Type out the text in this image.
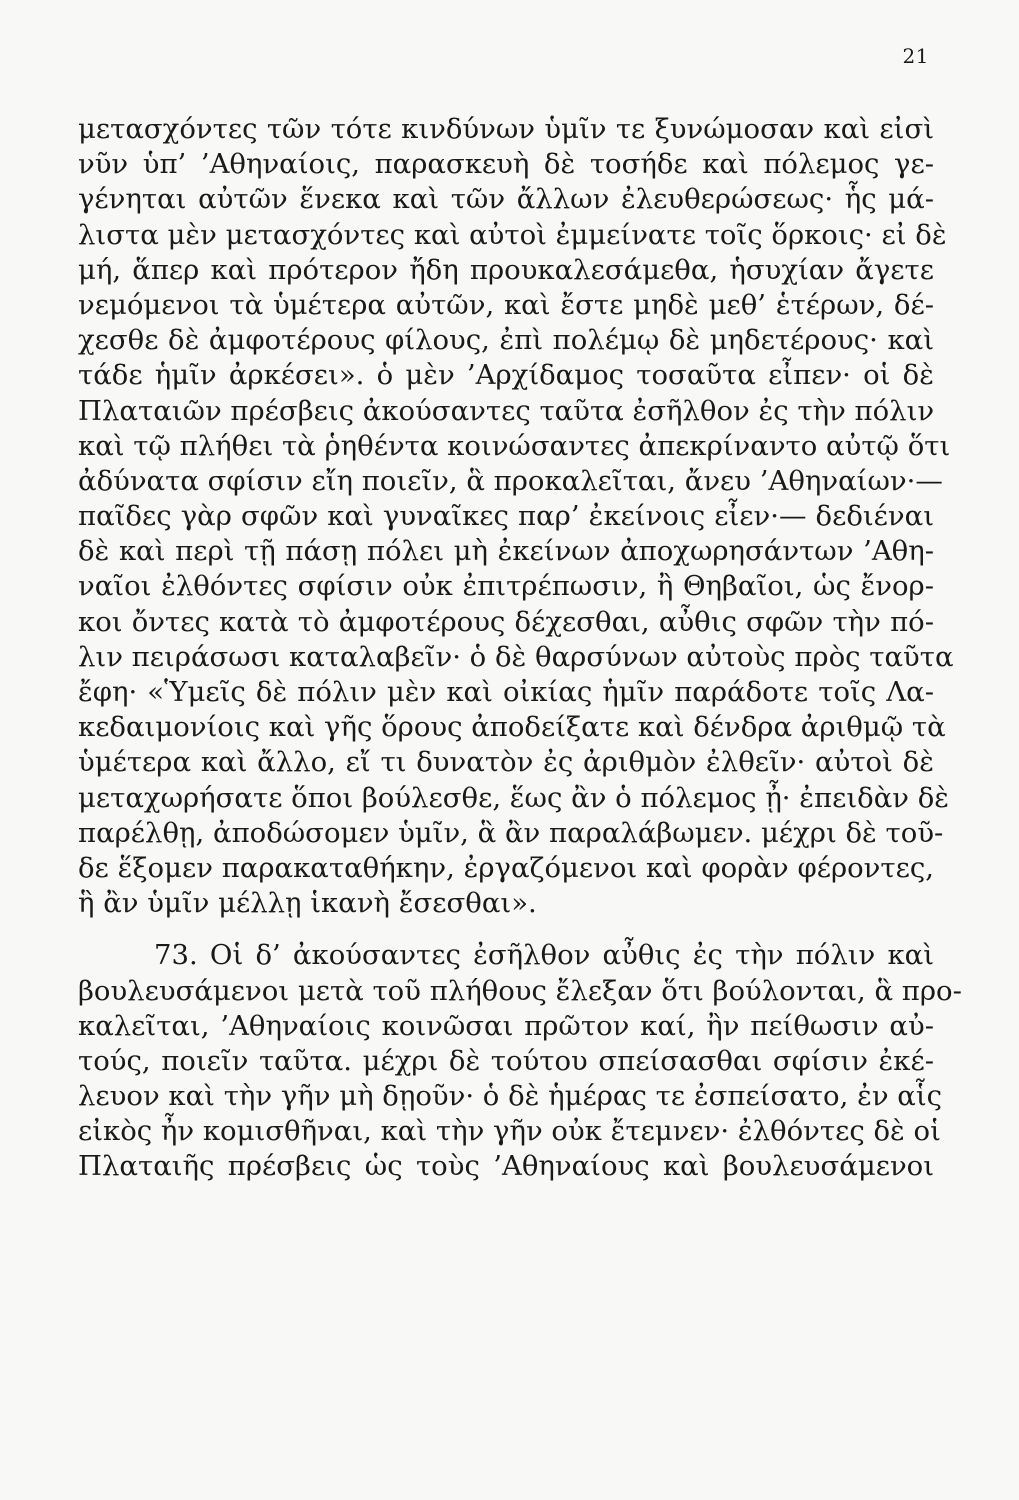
21
μετασχόντες τῶν τότε κινδύνων ὑμῖν τε ξυνώμοσαν καὶ εἰσὶ
νῦν ὑπ’ ’Αθηναίοις, παρασκευὴ δὲ τοσήδε καὶ πόλεμος γε-
γένηται αὐτῶν ἕνεκα καὶ τῶν ἄλλων ἐλευθερώσεως· ἧς μά-
λιστα μὲν μετασχόντες καὶ αὐτοὶ ἐμμείνατε τοῖς ὅρκοις· εἰ δὲ
μή, ἅπερ καὶ πρότερον ἤδη προυκαλεσάμεθα, ἡσυχίαν ἄγετε
νεμόμενοι τὰ ὑμέτερα αὐτῶν, καὶ ἔστε μηδὲ μεθ’ ἑτέρων, δέ-
χεσθε δὲ ἀμφοτέρους φίλους, ἐπὶ πολέμῳ δὲ μηδετέρους· καὶ
τάδε ἡμῖν ἀρκέσει». ὁ μὲν ’Αρχίδαμος τοσαῦτα εἶπεν· οἱ δὲ
Πλαταιῶν πρέσβεις ἀκούσαντες ταῦτα ἐσῆλθον ἐς τὴν πόλιν
καὶ τῷ πλήθει τὰ ῥηθέντα κοινώσαντες ἀπεκρίναντο αὐτῷ ὅτι
ἀδύνατα σφίσιν εἴη ποιεῖν, ἃ προκαλεῖται, ἄνευ ’Αθηναίων·—
παῖδες γὰρ σφῶν καὶ γυναῖκες παρ’ ἐκείνοις εἶεν·— δεδιέναι
δὲ καὶ περὶ τῇ πάσῃ πόλει μὴ ἐκείνων ἀποχωρησάντων ’Αθη-
ναῖοι ἐλθόντες σφίσιν οὐκ ἐπιτρέπωσιν, ἢ Θηβαῖοι, ὡς ἔνορ-
κοι ὄντες κατὰ τὸ ἀμφοτέρους δέχεσθαι, αὖθις σφῶν τὴν πό-
λιν πειράσωσι καταλαβεῖν· ὁ δὲ θαρσύνων αὐτοὺς πρὸς ταῦτα
ἔφη· «Ὑμεῖς δὲ πόλιν μὲν καὶ οἰκίας ἡμῖν παράδοτε τοῖς Λα-
κεδαιμονίοις καὶ γῆς ὅρους ἀποδείξατε καὶ δένδρα ἀριθμῷ τὰ
ὑμέτερα καὶ ἄλλο, εἴ τι δυνατὸν ἐς ἀριθμὸν ἐλθεῖν· αὐτοὶ δὲ
μεταχωρήσατε ὅποι βούλεσθε, ἕως ἂν ὁ πόλεμος ᾖ· ἐπειδὰν δὲ
παρέλθῃ, ἀποδώσομεν ὑμῖν, ἃ ἂν παραλάβωμεν. μέχρι δὲ τοῦ-
δε ἕξομεν παρακαταθήκην, ἐργαζόμενοι καὶ φορὰν φέροντες,
ἣ ἂν ὑμῖν μέλλῃ ἱκανὴ ἔσεσθαι».
73. Οἱ δ’ ἀκούσαντες ἐσῆλθον αὖθις ἐς τὴν πόλιν καὶ
βουλευσάμενοι μετὰ τοῦ πλήθους ἔλεξαν ὅτι βούλονται, ἃ προ-
καλεῖται, ’Αθηναίοις κοινῶσαι πρῶτον καί, ἢν πείθωσιν αὐ-
τούς, ποιεῖν ταῦτα. μέχρι δὲ τούτου σπείσασθαι σφίσιν ἐκέ-
λευον καὶ τὴν γῆν μὴ δῃοῦν· ὁ δὲ ἡμέρας τε ἐσπείσατο, ἐν αἷς
εἰκὸς ἦν κομισθῆναι, καὶ τὴν γῆν οὐκ ἔτεμνεν· ἐλθόντες δὲ οἱ
Πλαταιῆς πρέσβεις ὡς τοὺς ’Αθηναίους καὶ βουλευσάμενοι
